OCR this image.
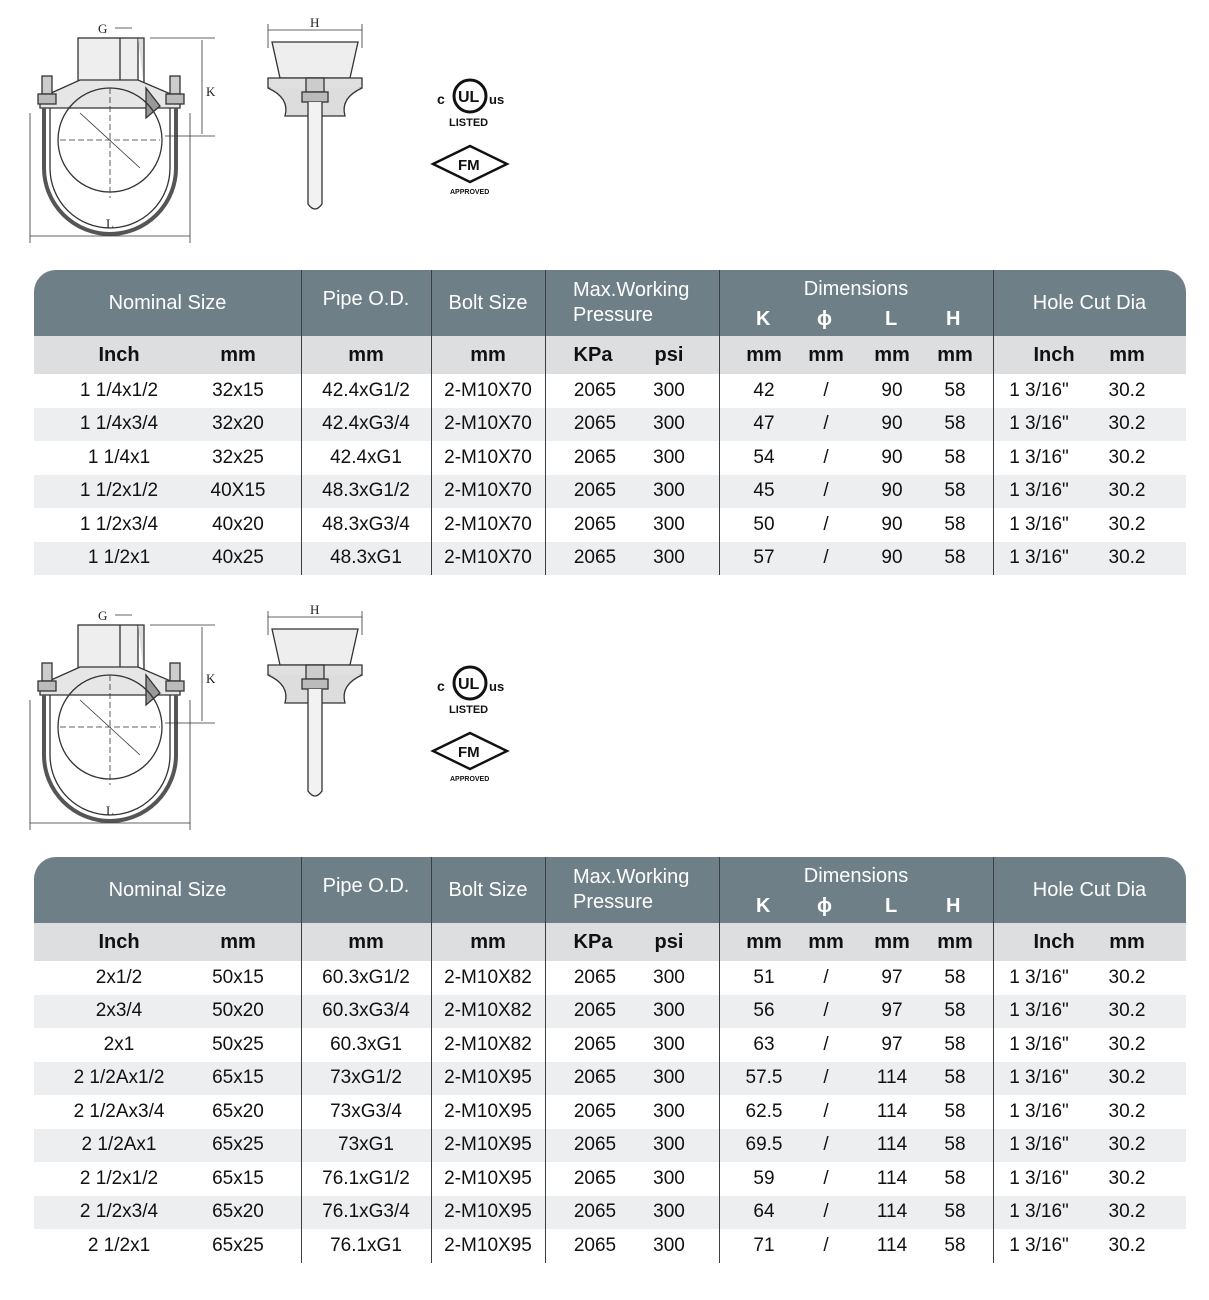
G
K
L
H
c UL us
LISTED
FM
APPROVED
Nominal Size	Pipe O.D.	Bolt Size
Max.Working
Pressure
Dimensions
K ϕ	L H
Hole Cut Dia
Inch	mm	mm	mm	KPa	psi	mm	mm	mm	mm	Inch	mm
1 1/4x1/2	32x15	42.4xG1/2	2-M10X70	2065	300	42	/	90	58	1 3/16"	30.2
1 1/4x3/4	32x20	42.4xG3/4	2-M10X70	2065	300	47	/	90	58	1 3/16"	30.2
1 1/4x1	32x25	42.4xG1	2-M10X70	2065	300	54	/	90	58	1 3/16"	30.2
1 1/2x1/2	40X15	48.3xG1/2	2-M10X70	2065	300	45	/	90	58	1 3/16"	30.2
1 1/2x3/4	40x20	48.3xG3/4	2-M10X70	2065	300	50	/	90	58	1 3/16"	30.2
1 1/2x1	40x25	48.3xG1	2-M10X70	2065	300	57	/	90	58	1 3/16"	30.2
G
K
L
H
c UL us
LISTED
FM
APPROVED
Nominal Size	Pipe O.D.	Bolt Size
Max.Working
Pressure
Dimensions
K ϕ	L H
Hole Cut Dia
Inch	mm	mm	mm	KPa	psi	mm	mm	mm	mm	Inch	mm
2x1/2	50x15	60.3xG1/2	2-M10X82	2065	300	51	/	97	58	1 3/16"	30.2
2x3/4	50x20	60.3xG3/4	2-M10X82	2065	300	56	/	97	58	1 3/16"	30.2
2x1	50x25	60.3xG1	2-M10X82	2065	300	63	/	97	58	1 3/16"	30.2
2 1/2Ax1/2	65x15	73xG1/2	2-M10X95	2065	300	57.5	/	114	58	1 3/16"	30.2
2 1/2Ax3/4	65x20	73xG3/4	2-M10X95	2065	300	62.5	/	114	58	1 3/16"	30.2
2 1/2Ax1	65x25	73xG1	2-M10X95	2065	300	69.5	/	114	58	1 3/16"	30.2
2 1/2x1/2	65x15	76.1xG1/2	2-M10X95	2065	300	59	/	114	58	1 3/16"	30.2
2 1/2x3/4	65x20	76.1xG3/4	2-M10X95	2065	300	64	/	114	58	1 3/16"	30.2
2 1/2x1	65x25	76.1xG1	2-M10X95	2065	300	71	/	114	58	1 3/16"	30.2
